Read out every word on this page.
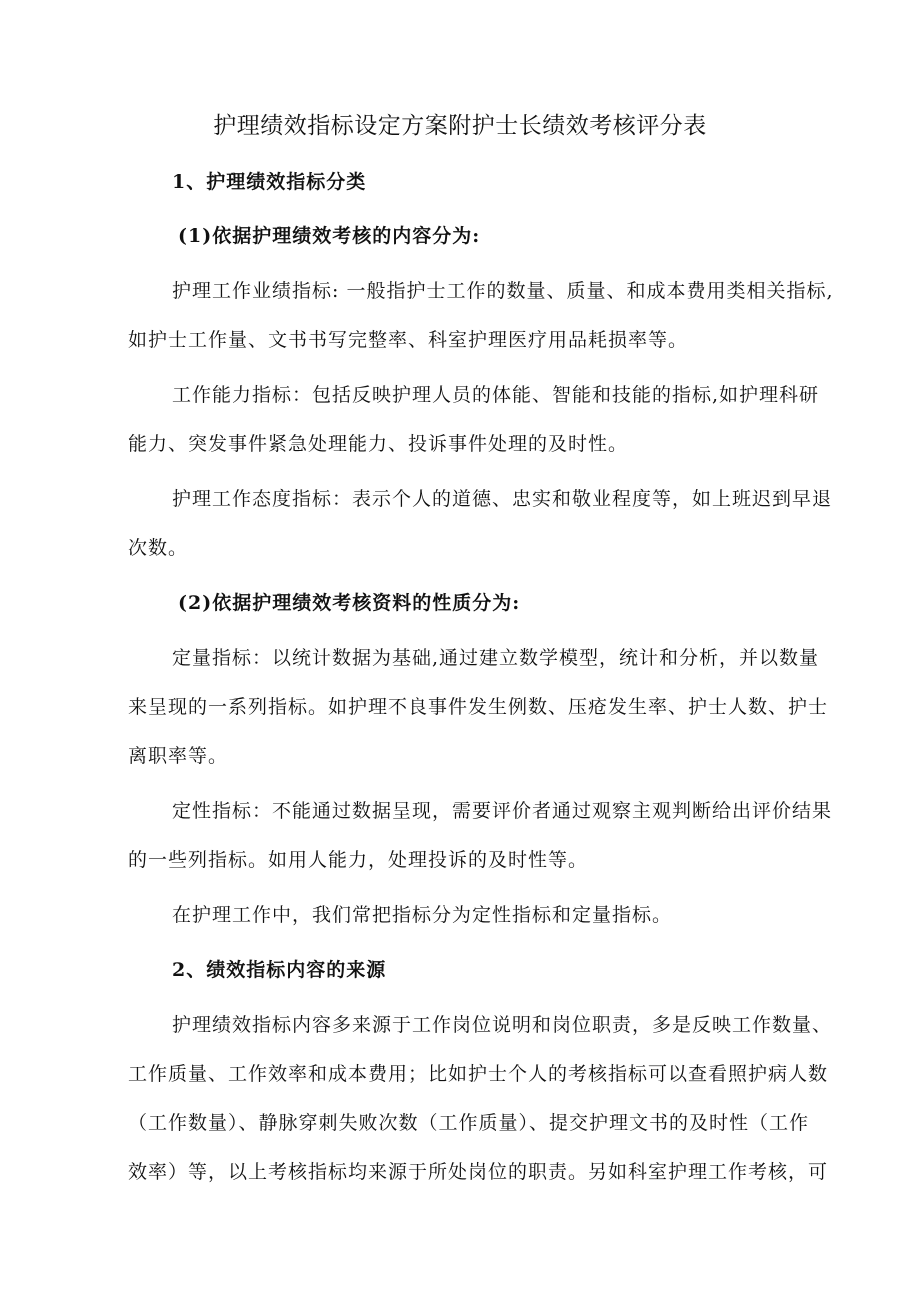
护理绩效指标设定方案附护士长绩效考核评分表
1、护理绩效指标分类
(1)依据护理绩效考核的内容分为:
护理工作业绩指标: 一般指护士工作的数量、质量、和成本费用类相关指标,
如护士工作量、文书书写完整率、科室护理医疗用品耗损率等。
工作能力指标：包括反映护理人员的体能、智能和技能的指标,如护理科研
能力、突发事件紧急处理能力、投诉事件处理的及时性。
护理工作态度指标：表示个人的道德、忠实和敬业程度等，如上班迟到早退
次数。
(2)依据护理绩效考核资料的性质分为:
定量指标：以统计数据为基础,通过建立数学模型，统计和分析，并以数量
来呈现的一系列指标。如护理不良事件发生例数、压疮发生率、护士人数、护士
离职率等。
定性指标：不能通过数据呈现，需要评价者通过观察主观判断给出评价结果
的一些列指标。如用人能力，处理投诉的及时性等。
在护理工作中，我们常把指标分为定性指标和定量指标。
2、绩效指标内容的来源
护理绩效指标内容多来源于工作岗位说明和岗位职责，多是反映工作数量、
工作质量、工作效率和成本费用；比如护士个人的考核指标可以查看照护病人数
（工作数量）、静脉穿刺失败次数（工作质量）、提交护理文书的及时性（工作
效率）等，以上考核指标均来源于所处岗位的职责。另如科室护理工作考核，可
